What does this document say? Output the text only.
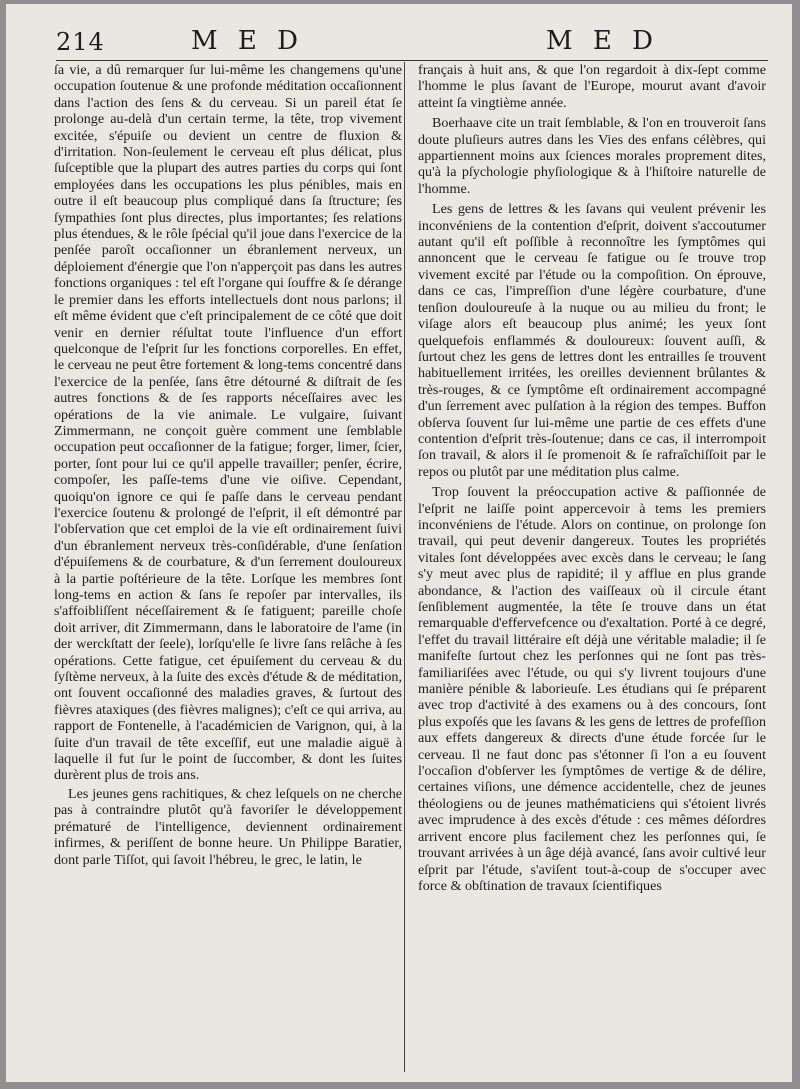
214	M E D	M E D

ſa vie, a dû remarquer ſur lui-même les changemens qu'une occupation ſoutenue & une profonde méditation occaſionnent dans l'action des ſens & du cerveau. Si un pareil état ſe prolonge au-delà d'un certain terme, la tête, trop vivement excitée, s'épuiſe ou devient un centre de fluxion & d'irritation. Non-ſeulement le cerveau eſt plus délicat, plus ſuſceptible que la plupart des autres parties du corps qui ſont employées dans les occupations les plus pénibles, mais en outre il eſt beaucoup plus compliqué dans ſa ſtructure; ſes ſympathies ſont plus directes, plus importantes; ſes relations plus étendues, & le rôle ſpécial qu'il joue dans l'exercice de la penſée paroît occaſionner un ébranlement nerveux, un déploiement d'énergie que l'on n'apperçoit pas dans les autres fonctions organiques : tel eſt l'organe qui ſouffre & ſe dérange le premier dans les efforts intellectuels dont nous parlons; il eſt même évident que c'eſt principalement de ce côté que doit venir en dernier réſultat toute l'influence d'un effort quelconque de l'eſprit ſur les fonctions corporelles. En effet, le cerveau ne peut être fortement & long-tems concentré dans l'exercice de la penſée, ſans être détourné & diſtrait de ſes autres fonctions & de ſes rapports néceſſaires avec les opérations de la vie animale. Le vulgaire, ſuivant Zimmermann, ne conçoit guère comment une ſemblable occupation peut occaſionner de la fatigue; forger, limer, ſcier, porter, ſont pour lui ce qu'il appelle travailler; penſer, écrire, compoſer, les paſſe-tems d'une vie oiſive. Cependant, quoiqu'on ignore ce qui ſe paſſe dans le cerveau pendant l'exercice ſoutenu & prolongé de l'eſprit, il eſt démontré par l'obſervation que cet emploi de la vie eſt ordinairement ſuivi d'un ébranlement nerveux très-conſidérable, d'une ſenſation d'épuiſemens & de courbature, & d'un ſerrement douloureux à la partie poſtérieure de la tête. Lorſque les membres ſont long-tems en action & ſans ſe repoſer par intervalles, ils s'affoibliſſent néceſſairement & ſe fatiguent; pareille choſe doit arriver, dit Zimmermann, dans le laboratoire de l'ame (in der werckſtatt der ſeele), lorſqu'elle ſe livre ſans relâche à ſes opérations. Cette fatigue, cet épuiſement du cerveau & du ſyſtème nerveux, à la ſuite des excès d'étude & de méditation, ont ſouvent occaſionné des maladies graves, & ſurtout des fièvres ataxiques (des fièvres malignes); c'eſt ce qui arriva, au rapport de Fontenelle, à l'académicien de Varignon, qui, à la ſuite d'un travail de tête exceſſif, eut une maladie aiguë à laquelle il fut ſur le point de ſuccomber, & dont les ſuites durèrent plus de trois ans.

Les jeunes gens rachitiques, & chez leſquels on ne cherche pas à contraindre plutôt qu'à favoriſer le développement prématuré de l'intelligence, deviennent ordinairement infirmes, & periſſent de bonne heure. Un Philippe Baratier, dont parle Tiſſot, qui ſavoit l'hébreu, le grec, le latin, le

français à huit ans, & que l'on regardoit à dix-ſept comme l'homme le plus ſavant de l'Europe, mourut avant d'avoir atteint ſa vingtième année.

Boerhaave cite un trait ſemblable, & l'on en trouveroit ſans doute pluſieurs autres dans les Vies des enfans célèbres, qui appartiennent moins aux ſciences morales proprement dites, qu'à la pſychologie phyſiologique & à l'hiſtoire naturelle de l'homme.

Les gens de lettres & les ſavans qui veulent prévenir les inconvéniens de la contention d'eſprit, doivent s'accoutumer autant qu'il eſt poſſible à reconnoître les ſymptômes qui annoncent que le cerveau ſe fatigue ou ſe trouve trop vivement excité par l'étude ou la compoſition. On éprouve, dans ce cas, l'impreſſion d'une légère courbature, d'une tenſion douloureuſe à la nuque ou au milieu du front; le viſage alors eſt beaucoup plus animé; les yeux ſont quelquefois enflammés & douloureux: ſouvent auſſi, & ſurtout chez les gens de lettres dont les entrailles ſe trouvent habituellement irritées, les oreilles deviennent brûlantes & très-rouges, & ce ſymptôme eſt ordinairement accompagné d'un ſerrement avec pulſation à la région des tempes. Buffon obſerva ſouvent ſur lui-même une partie de ces effets d'une contention d'eſprit très-ſoutenue; dans ce cas, il interrompoit ſon travail, & alors il ſe promenoit & ſe rafraîchiſſoit par le repos ou plutôt par une méditation plus calme.

Trop ſouvent la préoccupation active & paſſionnée de l'eſprit ne laiſſe point appercevoir à tems les premiers inconvéniens de l'étude. Alors on continue, on prolonge ſon travail, qui peut devenir dangereux. Toutes les propriétés vitales ſont développées avec excès dans le cerveau; le ſang s'y meut avec plus de rapidité; il y afflue en plus grande abondance, & l'action des vaiſſeaux où il circule étant ſenſiblement augmentée, la tête ſe trouve dans un état remarquable d'effervefcence ou d'exaltation. Porté à ce degré, l'effet du travail littéraire eſt déjà une véritable maladie; il ſe manifeſte ſurtout chez les perſonnes qui ne ſont pas très-familiariſées avec l'étude, ou qui s'y livrent toujours d'une manière pénible & laborieuſe. Les étudians qui ſe préparent avec trop d'activité à des examens ou à des concours, ſont plus expoſés que les ſavans & les gens de lettres de profeſſion aux effets dangereux & directs d'une étude forcée ſur le cerveau. Il ne faut donc pas s'étonner ſi l'on a eu ſouvent l'occaſion d'obſerver les ſymptômes de vertige & de délire, certaines viſions, une démence accidentelle, chez de jeunes théologiens ou de jeunes mathématiciens qui s'étoient livrés avec imprudence à des excès d'étude : ces mêmes déſordres arrivent encore plus facilement chez les perſonnes qui, ſe trouvant arrivées à un âge déjà avancé, ſans avoir cultivé leur eſprit par l'étude, s'aviſent tout-à-coup de s'occuper avec force & obſtination de travaux ſcientifiques
